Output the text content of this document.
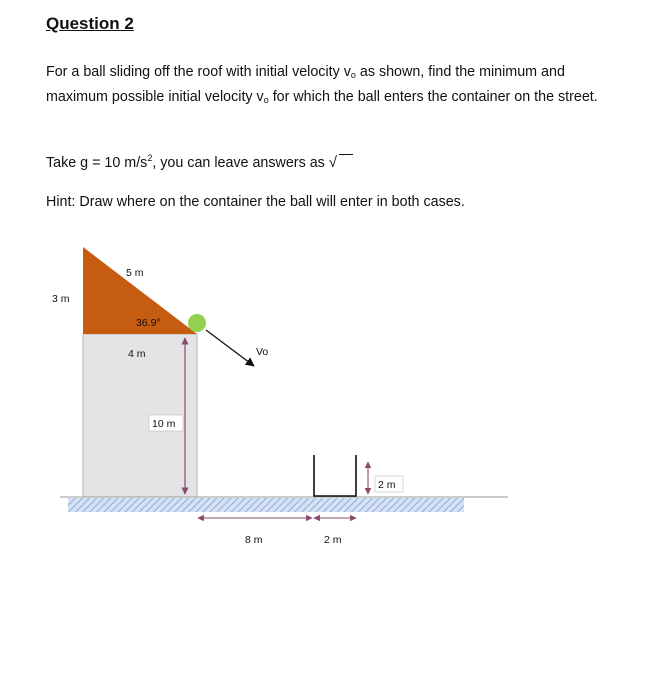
Question 2

For a ball sliding off the roof with initial velocity $v_o$ as shown, find the minimum and maximum possible initial velocity $v_o$ for which the ball enters the container on the street.

Take g = 10 $m/s^2$, you can leave answers as √

Hint: Draw where on the container the ball will enter in both cases.

5 m
3 m
36.9°
4 m	Vo
10 m
2 m
8 m	2 m
